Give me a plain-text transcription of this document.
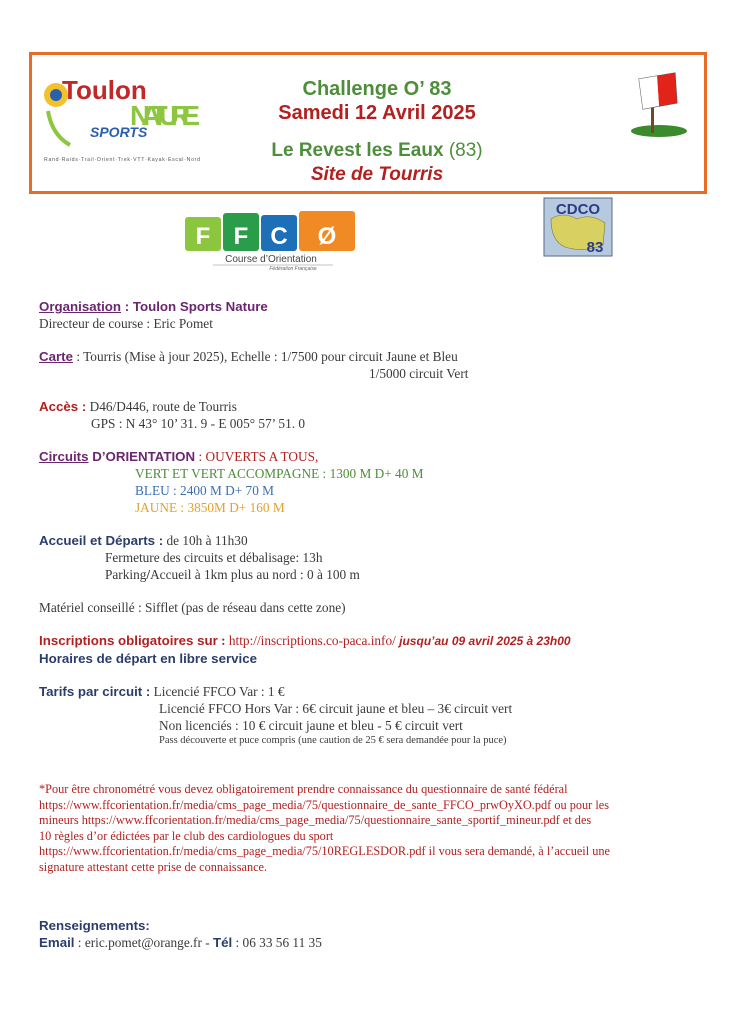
Toulon
SPORTS
NATURE
Rand·Raids·Trail·Orient·Trek·VTT·Kayak·Escal·Nord
Challenge O’ 83
Samedi 12 Avril 2025
Le Revest les Eaux (83)
Site de Tourris
F F C Ø
Course d’Orientation
Fédération Française
CDCO
83

Organisation : Toulon Sports Nature

Directeur de course : Eric Pomet

Carte : Tourris (Mise à jour 2025), Echelle : 1/7500 pour circuit Jaune et Bleu

1/5000 circuit Vert

Accès : D46/D446, route de Tourris

GPS : N 43° 10’ 31. 9 - E 005° 57’ 51. 0

Circuits D’ORIENTATION : OUVERTS A TOUS,

VERT ET VERT ACCOMPAGNE : 1300 M D+ 40 M

BLEU : 2400 M D+ 70 M

JAUNE : 3850M D+ 160 M

Accueil et Départs : de 10h à 11h30

Fermeture des circuits et débalisage: 13h

Parking/Accueil à 1km plus au nord : 0 à 100 m

Matériel conseillé : Sifflet (pas de réseau dans cette zone)

Inscriptions obligatoires sur : http://inscriptions.co-paca.info/ jusqu’au 09 avril 2025 à 23h00

Horaires de départ en libre service

Tarifs par circuit : Licencié FFCO Var : 1 €

Licencié FFCO Hors Var : 6€ circuit jaune et bleu – 3€ circuit vert

Non licenciés : 10 € circuit jaune et bleu - 5 € circuit vert

Pass découverte et puce compris (une caution de 25 € sera demandée pour la puce)

*Pour être chronométré vous devez obligatoirement prendre connaissance du questionnaire de santé fédéral

https://www.ffcorientation.fr/media/cms_page_media/75/questionnaire_de_sante_FFCO_prwOyXO.pdf ou pour les

mineurs https://www.ffcorientation.fr/media/cms_page_media/75/questionnaire_sante_sportif_mineur.pdf et des

10 règles d’or édictées par le club des cardiologues du sport

https://www.ffcorientation.fr/media/cms_page_media/75/10REGLESDOR.pdf il vous sera demandé, à l’accueil une

signature attestant cette prise de connaissance.

Renseignements:

Email : eric.pomet@orange.fr - Tél : 06 33 56 11 35
